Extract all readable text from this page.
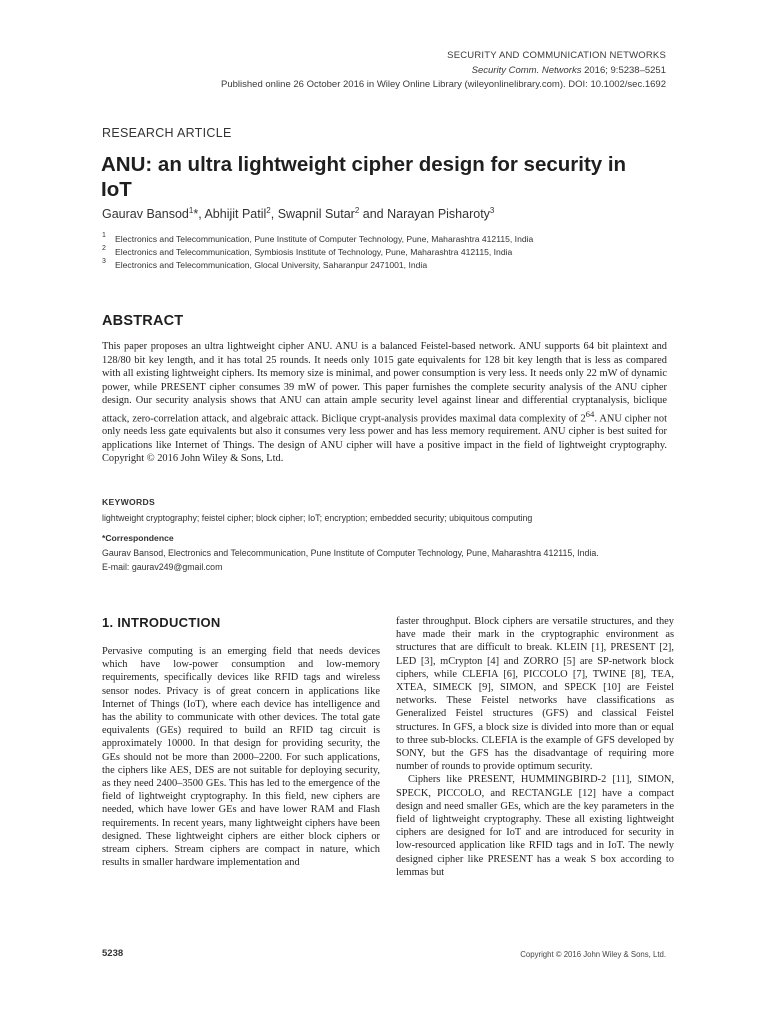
SECURITY AND COMMUNICATION NETWORKS
Security Comm. Networks 2016; 9:5238–5251
Published online 26 October 2016 in Wiley Online Library (wileyonlinelibrary.com). DOI: 10.1002/sec.1692
RESEARCH ARTICLE
ANU: an ultra lightweight cipher design for security in
IoT
Gaurav Bansod$^1$*, Abhijit Patil$^2$, Swapnil Sutar$^2$ and Narayan Pisharoty$^3$
1 Electronics and Telecommunication, Pune Institute of Computer Technology, Pune, Maharashtra 412115, India
2 Electronics and Telecommunication, Symbiosis Institute of Technology, Pune, Maharashtra 412115, India
3 Electronics and Telecommunication, Glocal University, Saharanpur 2471001, India
ABSTRACT

This paper proposes an ultra lightweight cipher ANU. ANU is a balanced Feistel-based network. ANU supports 64 bit plaintext and 128/80 bit key length, and it has total 25 rounds. It needs only 1015 gate equivalents for 128 bit key length that is less as compared with all existing lightweight ciphers. Its memory size is minimal, and power consumption is very less. It needs only 22 mW of dynamic power, while PRESENT cipher consumes 39 mW of power. This paper furnishes the complete security analysis of the ANU cipher design. Our security analysis shows that ANU can attain ample security level against linear and differential cryptanalysis, biclique attack, zero-correlation attack, and algebraic attack. Biclique crypt-analysis provides maximal data complexity of $2^{64}$. ANU cipher not only needs less gate equivalents but also it consumes very less power and has less memory requirement. ANU cipher is best suited for applications like Internet of Things. The design of ANU cipher will have a positive impact in the field of lightweight cryptography. Copyright © 2016 John Wiley & Sons, Ltd.

KEYWORDS
lightweight cryptography; feistel cipher; block cipher; IoT; encryption; embedded security; ubiquitous computing
*Correspondence
Gaurav Bansod, Electronics and Telecommunication, Pune Institute of Computer Technology, Pune, Maharashtra 412115, India.
E-mail: gaurav249@gmail.com
1. INTRODUCTION

Pervasive computing is an emerging field that needs devices which have low-power consumption and low-memory requirements, specifically devices like RFID tags and wireless sensor nodes. Privacy is of great concern in applications like Internet of Things (IoT), where each device has intelligence and has the ability to communicate with other devices. The total gate equivalents (GEs) required to build an RFID tag circuit is approximately 10000. In that design for providing security, the GEs should not be more than 2000–2200. For such applications, the ciphers like AES, DES are not suitable for deploying security, as they need 2400–3500 GEs. This has led to the emergence of the field of lightweight cryptography. In this field, new ciphers are needed, which have lower GEs and have lower RAM and Flash requirements. In recent years, many lightweight ciphers have been designed. These lightweight ciphers are either block ciphers or stream ciphers. Stream ciphers are compact in nature, which results in smaller hardware implementation and

faster throughput. Block ciphers are versatile structures, and they have made their mark in the cryptographic environment as structures that are difficult to break. KLEIN [1], PRESENT [2], LED [3], mCrypton [4] and ZORRO [5] are SP-network block ciphers, while CLEFIA [6], PICCOLO [7], TWINE [8], TEA, XTEA, SIMECK [9], SIMON, and SPECK [10] are Feistel networks. These Feistel networks have classifications as Generalized Feistel structures (GFS) and classical Feistel structures. In GFS, a block size is divided into more than or equal to three sub-blocks. CLEFIA is the example of GFS developed by SONY, but the GFS has the disadvantage of requiring more number of rounds to provide optimum security.

Ciphers like PRESENT, HUMMINGBIRD-2 [11], SIMON, SPECK, PICCOLO, and RECTANGLE [12] have a compact design and need smaller GEs, which are the key parameters in the field of lightweight cryptography. These all existing lightweight ciphers are designed for IoT and are introduced for security in low-resourced application like RFID tags and in IoT. The newly designed cipher like PRESENT has a weak S box according to lemmas but

5238	Copyright © 2016 John Wiley & Sons, Ltd.
